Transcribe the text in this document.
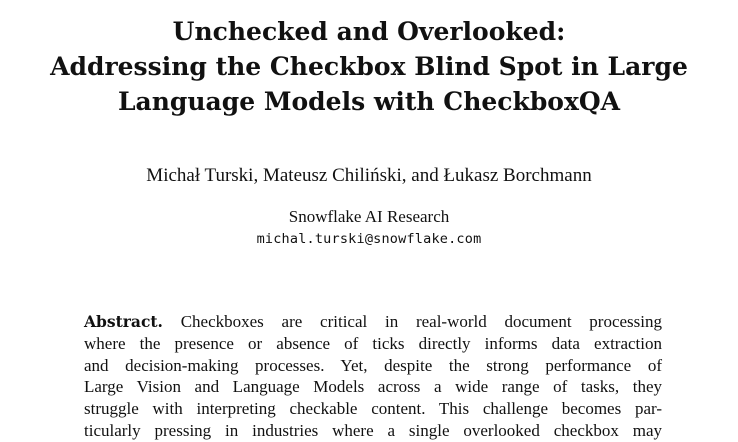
Unchecked and Overlooked:
Addressing the Checkbox Blind Spot in Large
Language Models with CheckboxQA
Michał Turski, Mateusz Chiliński, and Łukasz Borchmann
Snowflake AI Research
michal.turski@snowflake.com
Abstract. Checkboxes are critical in real-world document processing
where the presence or absence of ticks directly informs data extraction
and decision-making processes. Yet, despite the strong performance of
Large Vision and Language Models across a wide range of tasks, they
struggle with interpreting checkable content. This challenge becomes par-
ticularly pressing in industries where a single overlooked checkbox may
